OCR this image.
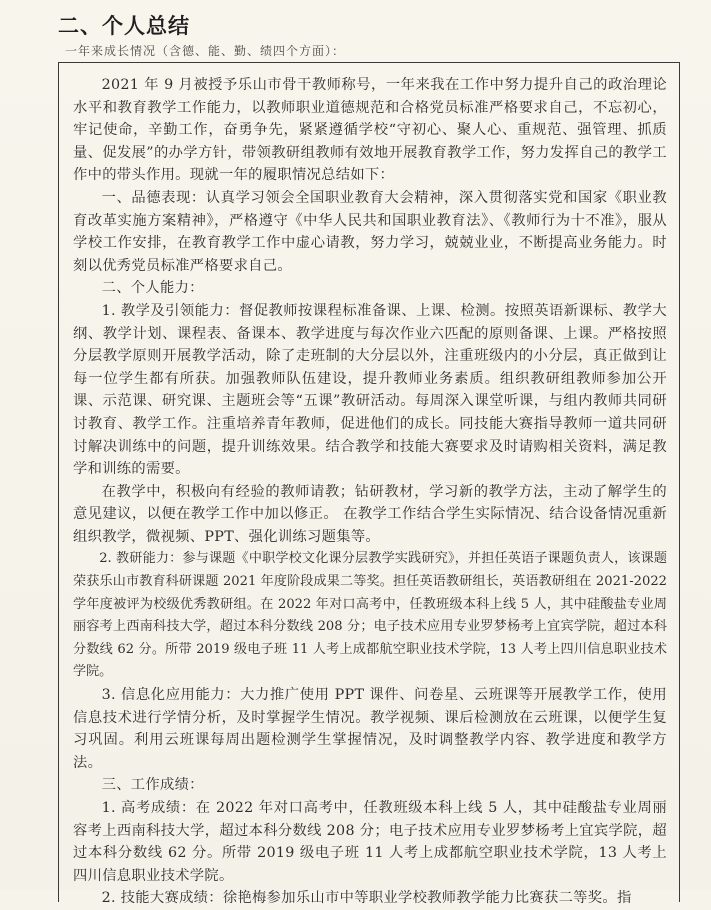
二、个人总结
一年来成长情况（含德、能、勤、绩四个方面）：

2021 年 9 月被授予乐山市骨干教师称号，一年来我在工作中努力提升自己的政治理论水平和教育教学工作能力，以教师职业道德规范和合格党员标准严格要求自己，不忘初心，牢记使命，辛勤工作，奋勇争先，紧紧遵循学校“守初心、聚人心、重规范、强管理、抓质量、促发展”的办学方针，带领教研组教师有效地开展教育教学工作，努力发挥自己的教学工作中的带头作用。现就一年的履职情况总结如下：

一、品德表现：认真学习领会全国职业教育大会精神，深入贯彻落实党和国家《职业教育改革实施方案精神》，严格遵守《中华人民共和国职业教育法》、《教师行为十不准》，服从学校工作安排，在教育教学工作中虚心请教，努力学习，兢兢业业，不断提高业务能力。时刻以优秀党员标准严格要求自己。

二、个人能力：

1. 教学及引领能力：督促教师按课程标准备课、上课、检测。按照英语新课标、教学大纲、教学计划、课程表、备课本、教学进度与每次作业六匹配的原则备课、上课。严格按照分层教学原则开展教学活动，除了走班制的大分层以外，注重班级内的小分层，真正做到让每一位学生都有所获。加强教师队伍建设，提升教师业务素质。组织教研组教师参加公开课、示范课、研究课、主题班会等“五课”教研活动。每周深入课堂听课，与组内教师共同研讨教育、教学工作。注重培养青年教师，促进他们的成长。同技能大赛指导教师一道共同研讨解决训练中的问题，提升训练效果。结合教学和技能大赛要求及时请购相关资料，满足教学和训练的需要。

在教学中，积极向有经验的教师请教；钻研教材，学习新的教学方法，主动了解学生的意见建议，以便在教学工作中加以修正。 在教学工作结合学生实际情况、结合设备情况重新组织教学，微视频、PPT、强化训练习题集等。

2. 教研能力：参与课题《中职学校文化课分层教学实践研究》，并担任英语子课题负责人，该课题荣获乐山市教育科研课题 2021 年度阶段成果二等奖。担任英语教研组长，英语教研组在 2021-2022 学年度被评为校级优秀教研组。在 2022 年对口高考中，任教班级本科上线 5 人，其中硅酸盐专业周丽容考上西南科技大学，超过本科分数线 208 分；电子技术应用专业罗梦杨考上宜宾学院，超过本科分数线 62 分。所带 2019 级电子班 11 人考上成都航空职业技术学院，13 人考上四川信息职业技术学院。

3. 信息化应用能力：大力推广使用 PPT 课件、问卷星、云班课等开展教学工作，使用信息技术进行学情分析，及时掌握学生情况。教学视频、课后检测放在云班课，以便学生复习巩固。利用云班课每周出题检测学生掌握情况，及时调整教学内容、教学进度和教学方法。

三、工作成绩：

1. 高考成绩：在 2022 年对口高考中，任教班级本科上线 5 人，其中硅酸盐专业周丽容考上西南科技大学，超过本科分数线 208 分；电子技术应用专业罗梦杨考上宜宾学院，超过本科分数线 62 分。所带 2019 级电子班 11 人考上成都航空职业技术学院，13 人考上四川信息职业技术学院。

2. 技能大赛成绩：徐艳梅参加乐山市中等职业学校教师教学能力比赛获二等奖。指
